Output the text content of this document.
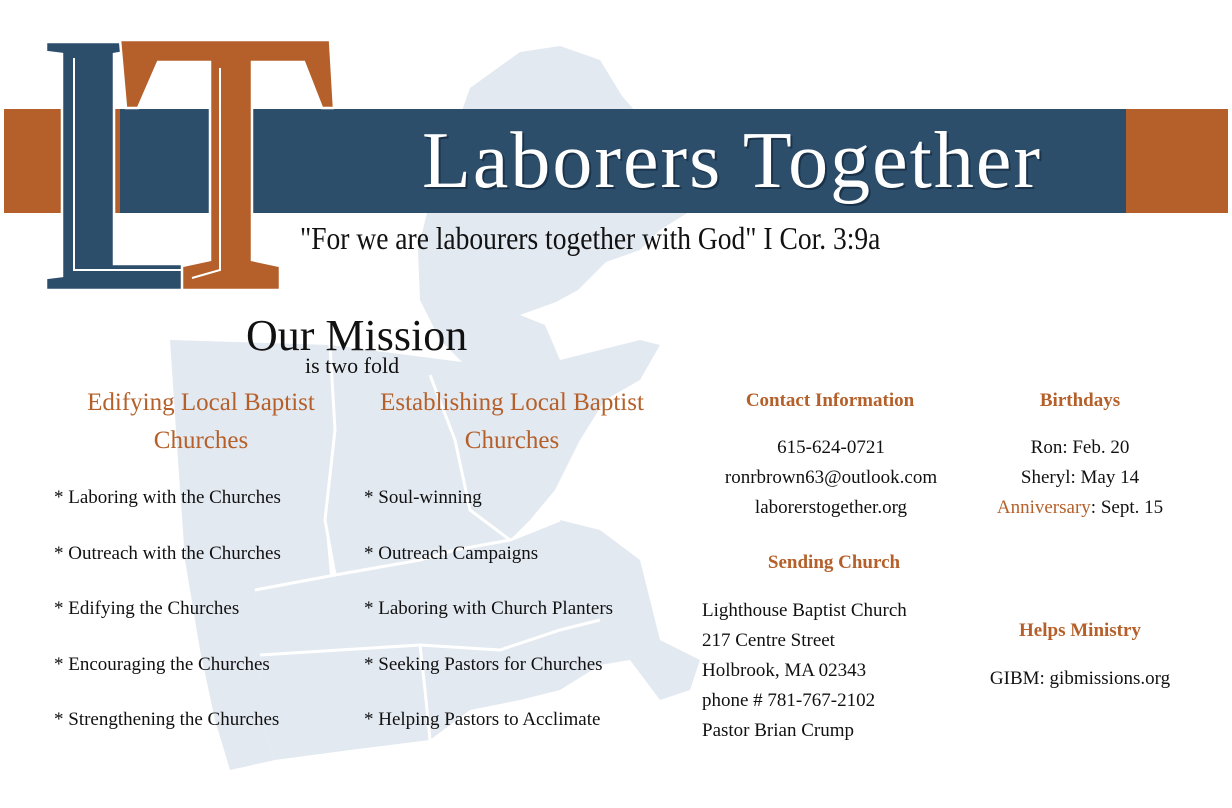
Laborers Together
"For we are labourers together with God" I Cor. 3:9a
Our Mission
is two fold
Edifying Local Baptist
Churches
* Laboring with the Churches
* Outreach with the Churches
* Edifying the Churches
* Encouraging the Churches
* Strengthening the Churches
Establishing Local Baptist
Churches
* Soul-winning
* Outreach Campaigns
* Laboring with Church Planters
* Seeking Pastors for Churches
* Helping Pastors to Acclimate
Contact Information
615-624-0721
ronrbrown63@outlook.com
laborerstogether.org
Sending Church
Lighthouse Baptist Church
217 Centre Street
Holbrook, MA 02343
phone # 781-767-2102
Pastor Brian Crump
Birthdays
Ron: Feb. 20
Sheryl: May 14
Anniversary: Sept. 15
Helps Ministry
GIBM: gibmissions.org
